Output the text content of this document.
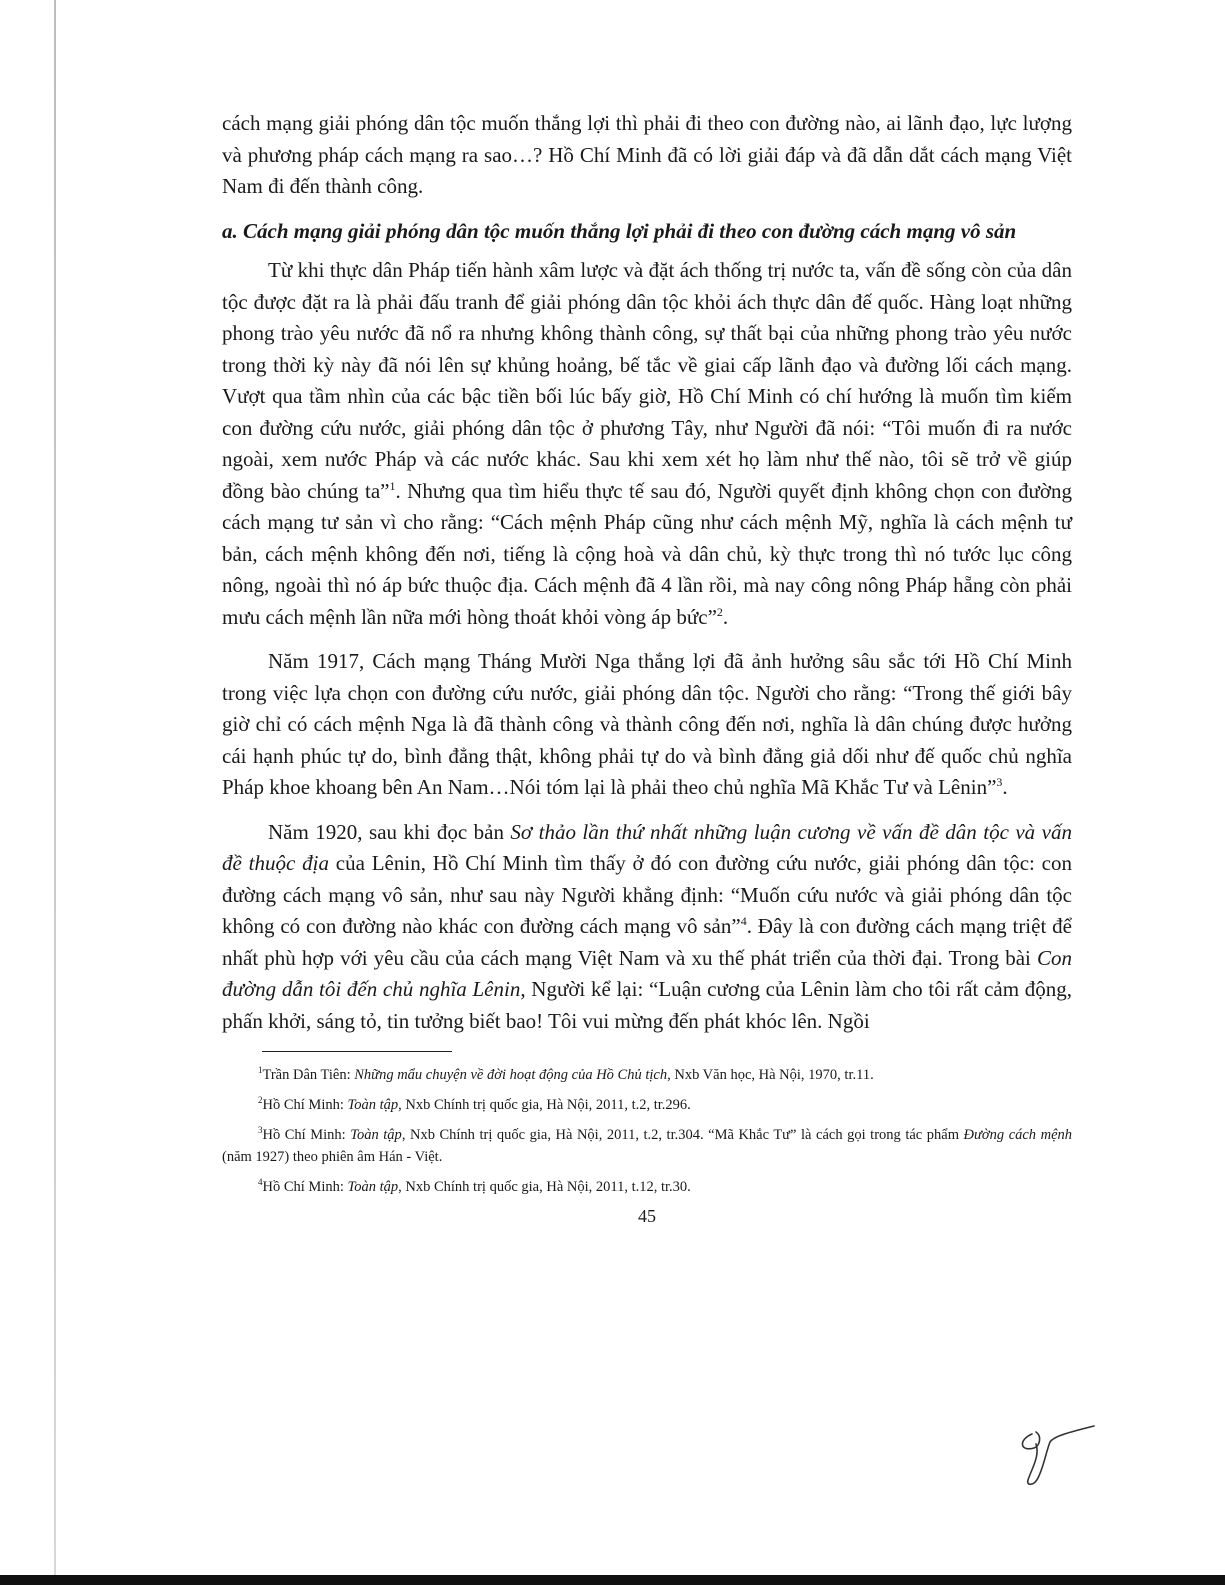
cách mạng giải phóng dân tộc muốn thắng lợi thì phải đi theo con đường nào, ai lãnh đạo, lực lượng và phương pháp cách mạng ra sao…? Hồ Chí Minh đã có lời giải đáp và đã dẫn dắt cách mạng Việt Nam đi đến thành công.

a. Cách mạng giải phóng dân tộc muốn thắng lợi phải đi theo con đường cách mạng vô sản

Từ khi thực dân Pháp tiến hành xâm lược và đặt ách thống trị nước ta, vấn đề sống còn của dân tộc được đặt ra là phải đấu tranh để giải phóng dân tộc khỏi ách thực dân đế quốc. Hàng loạt những phong trào yêu nước đã nổ ra nhưng không thành công, sự thất bại của những phong trào yêu nước trong thời kỳ này đã nói lên sự khủng hoảng, bế tắc về giai cấp lãnh đạo và đường lối cách mạng. Vượt qua tầm nhìn của các bậc tiền bối lúc bấy giờ, Hồ Chí Minh có chí hướng là muốn tìm kiếm con đường cứu nước, giải phóng dân tộc ở phương Tây, như Người đã nói: “Tôi muốn đi ra nước ngoài, xem nước Pháp và các nước khác. Sau khi xem xét họ làm như thế nào, tôi sẽ trở về giúp đồng bào chúng ta”$^1$. Nhưng qua tìm hiểu thực tế sau đó, Người quyết định không chọn con đường cách mạng tư sản vì cho rằng: “Cách mệnh Pháp cũng như cách mệnh Mỹ, nghĩa là cách mệnh tư bản, cách mệnh không đến nơi, tiếng là cộng hoà và dân chủ, kỳ thực trong thì nó tước lục công nông, ngoài thì nó áp bức thuộc địa. Cách mệnh đã 4 lần rồi, mà nay công nông Pháp hẵng còn phải mưu cách mệnh lần nữa mới hòng thoát khỏi vòng áp bức”$^2$.

Năm 1917, Cách mạng Tháng Mười Nga thắng lợi đã ảnh hưởng sâu sắc tới Hồ Chí Minh trong việc lựa chọn con đường cứu nước, giải phóng dân tộc. Người cho rằng: “Trong thế giới bây giờ chỉ có cách mệnh Nga là đã thành công và thành công đến nơi, nghĩa là dân chúng được hưởng cái hạnh phúc tự do, bình đẳng thật, không phải tự do và bình đẳng giả dối như đế quốc chủ nghĩa Pháp khoe khoang bên An Nam…Nói tóm lại là phải theo chủ nghĩa Mã Khắc Tư và Lênin”$^3$.

Năm 1920, sau khi đọc bản Sơ thảo lần thứ nhất những luận cương về vấn đề dân tộc và vấn đề thuộc địa của Lênin, Hồ Chí Minh tìm thấy ở đó con đường cứu nước, giải phóng dân tộc: con đường cách mạng vô sản, như sau này Người khẳng định: “Muốn cứu nước và giải phóng dân tộc không có con đường nào khác con đường cách mạng vô sản”$^4$. Đây là con đường cách mạng triệt để nhất phù hợp với yêu cầu của cách mạng Việt Nam và xu thế phát triển của thời đại. Trong bài Con đường dẫn tôi đến chủ nghĩa Lênin, Người kể lại: “Luận cương của Lênin làm cho tôi rất cảm động, phấn khởi, sáng tỏ, tin tưởng biết bao! Tôi vui mừng đến phát khóc lên. Ngồi

$^1$Trần Dân Tiên: Những mẩu chuyện về đời hoạt động của Hồ Chủ tịch, Nxb Văn học, Hà Nội, 1970, tr.11.

$^2$Hồ Chí Minh: Toàn tập, Nxb Chính trị quốc gia, Hà Nội, 2011, t.2, tr.296.

$^3$Hồ Chí Minh: Toàn tập, Nxb Chính trị quốc gia, Hà Nội, 2011, t.2, tr.304. “Mã Khắc Tư” là cách gọi trong tác phẩm Đường cách mệnh (năm 1927) theo phiên âm Hán - Việt.

$^4$Hồ Chí Minh: Toàn tập, Nxb Chính trị quốc gia, Hà Nội, 2011, t.12, tr.30.

45
